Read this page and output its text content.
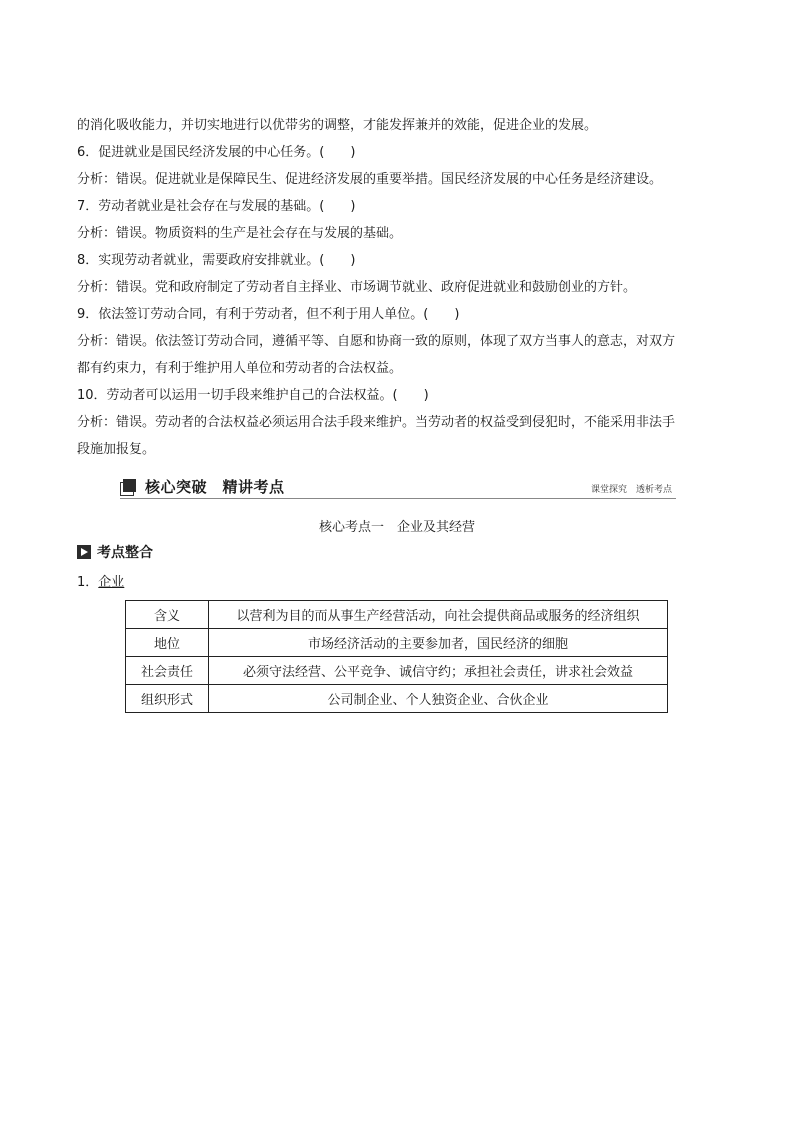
的消化吸收能力，并切实地进行以优带劣的调整，才能发挥兼并的效能，促进企业的发展。
6．促进就业是国民经济发展的中心任务。(　　)
分析：错误。促进就业是保障民生、促进经济发展的重要举措。国民经济发展的中心任务是经济建设。
7．劳动者就业是社会存在与发展的基础。(　　)
分析：错误。物质资料的生产是社会存在与发展的基础。
8．实现劳动者就业，需要政府安排就业。(　　)
分析：错误。党和政府制定了劳动者自主择业、市场调节就业、政府促进就业和鼓励创业的方针。
9．依法签订劳动合同，有利于劳动者，但不利于用人单位。(　　)
分析：错误。依法签订劳动合同，遵循平等、自愿和协商一致的原则，体现了双方当事人的意志，对双方
都有约束力，有利于维护用人单位和劳动者的合法权益。
10．劳动者可以运用一切手段来维护自己的合法权益。(　　)
分析：错误。劳动者的合法权益必须运用合法手段来维护。当劳动者的权益受到侵犯时，不能采用非法手
段施加报复。
核心突破　精讲考点	课堂探究　透析考点
核心考点一　企业及其经营
考点整合
1．企业
含义	以营利为目的而从事生产经营活动，向社会提供商品或服务的经济组织
地位	市场经济活动的主要参加者，国民经济的细胞
社会责任	必须守法经营、公平竞争、诚信守约；承担社会责任，讲求社会效益
组织形式	公司制企业、个人独资企业、合伙企业
